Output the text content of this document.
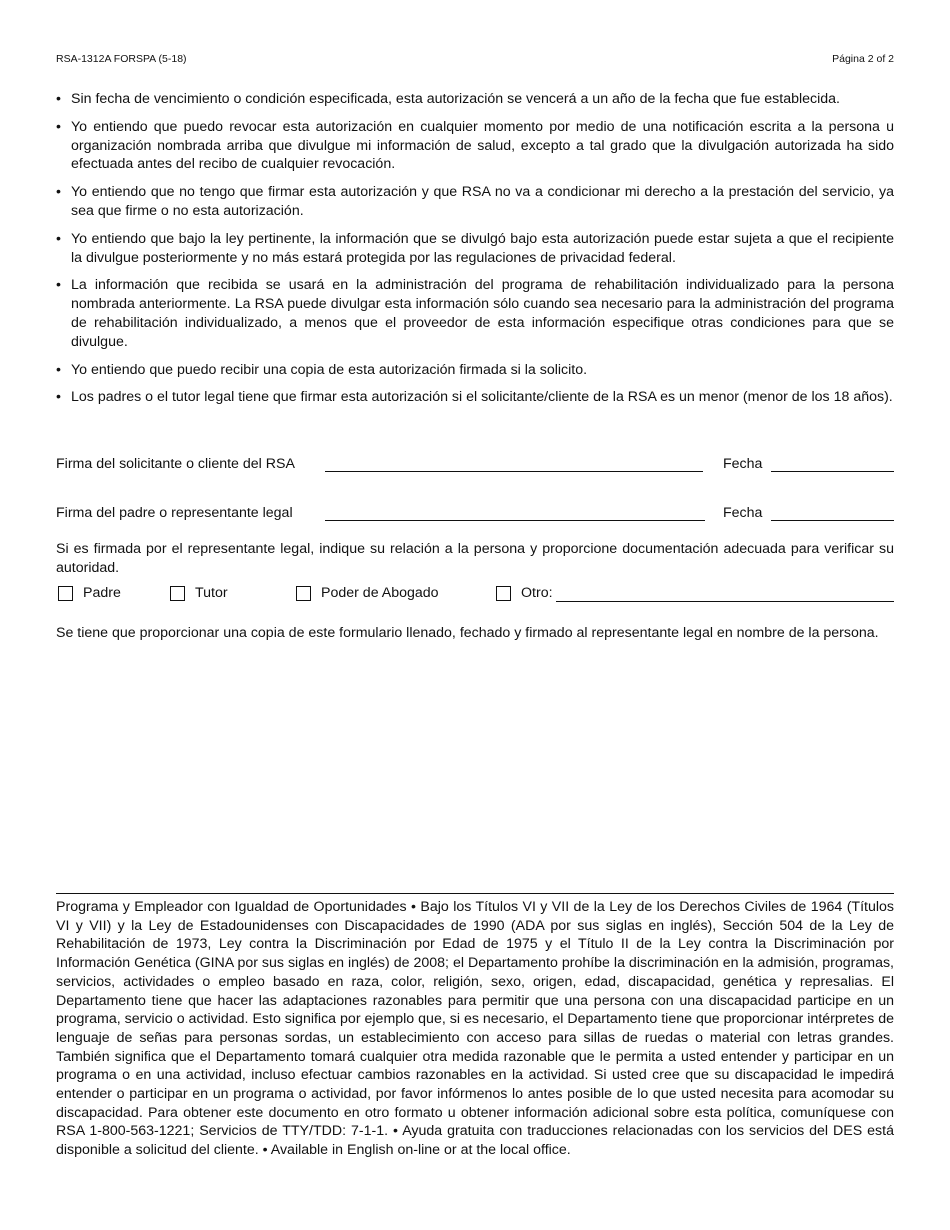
RSA-1312A FORSPA (5-18)	Página 2 of 2
• Sin fecha de vencimiento o condición especificada, esta autorización se vencerá a un año de la fecha que fue establecida.
• Yo entiendo que puedo revocar esta autorización en cualquier momento por medio de una notificación escrita a la persona u organización nombrada arriba que divulgue mi información de salud, excepto a tal grado que la divulgación autorizada ha sido efectuada antes del recibo de cualquier revocación.
• Yo entiendo que no tengo que firmar esta autorización y que RSA no va a condicionar mi derecho a la prestación del servicio, ya sea que firme o no esta autorización.
• Yo entiendo que bajo la ley pertinente, la información que se divulgó bajo esta autorización puede estar sujeta a que el recipiente la divulgue posteriormente y no más estará protegida por las regulaciones de privacidad federal.
• La información que recibida se usará en la administración del programa de rehabilitación individualizado para la persona nombrada anteriormente. La RSA puede divulgar esta información sólo cuando sea necesario para la administración del programa de rehabilitación individualizado, a menos que el proveedor de esta información especifique otras condiciones para que se divulgue.
• Yo entiendo que puedo recibir una copia de esta autorización firmada si la solicito.
• Los padres o el tutor legal tiene que firmar esta autorización si el solicitante/cliente de la RSA es un menor (menor de los 18 años).
Firma del solicitante o cliente del RSA	Fecha
Firma del padre o representante legal	Fecha

Si es firmada por el representante legal, indique su relación a la persona y proporcione documentación adecuada para verificar su autoridad.

Padre	Tutor	Poder de Abogado	Otro:

Se tiene que proporcionar una copia de este formulario llenado, fechado y firmado al representante legal en nombre de la persona.

Programa y Empleador con Igualdad de Oportunidades • Bajo los Títulos VI y VII de la Ley de los Derechos Civiles de 1964 (Títulos VI y VII) y la Ley de Estadounidenses con Discapacidades de 1990 (ADA por sus siglas en inglés), Sección 504 de la Ley de Rehabilitación de 1973, Ley contra la Discriminación por Edad de 1975 y el Título II de la Ley contra la Discriminación por Información Genética (GINA por sus siglas en inglés) de 2008; el Departamento prohíbe la discriminación en la admisión, programas, servicios, actividades o empleo basado en raza, color, religión, sexo, origen, edad, discapacidad, genética y represalias. El Departamento tiene que hacer las adaptaciones razonables para permitir que una persona con una discapacidad participe en un programa, servicio o actividad. Esto significa por ejemplo que, si es necesario, el Departamento tiene que proporcionar intérpretes de lenguaje de señas para personas sordas, un establecimiento con acceso para sillas de ruedas o material con letras grandes. También significa que el Departamento tomará cualquier otra medida razonable que le permita a usted entender y participar en un programa o en una actividad, incluso efectuar cambios razonables en la actividad. Si usted cree que su discapacidad le impedirá entender o participar en un programa o actividad, por favor infórmenos lo antes posible de lo que usted necesita para acomodar su discapacidad. Para obtener este documento en otro formato u obtener información adicional sobre esta política, comuníquese con RSA 1-800-563-1221; Servicios de TTY/TDD: 7-1-1. • Ayuda gratuita con traducciones relacionadas con los servicios del DES está disponible a solicitud del cliente. • Available in English on-line or at the local office.
